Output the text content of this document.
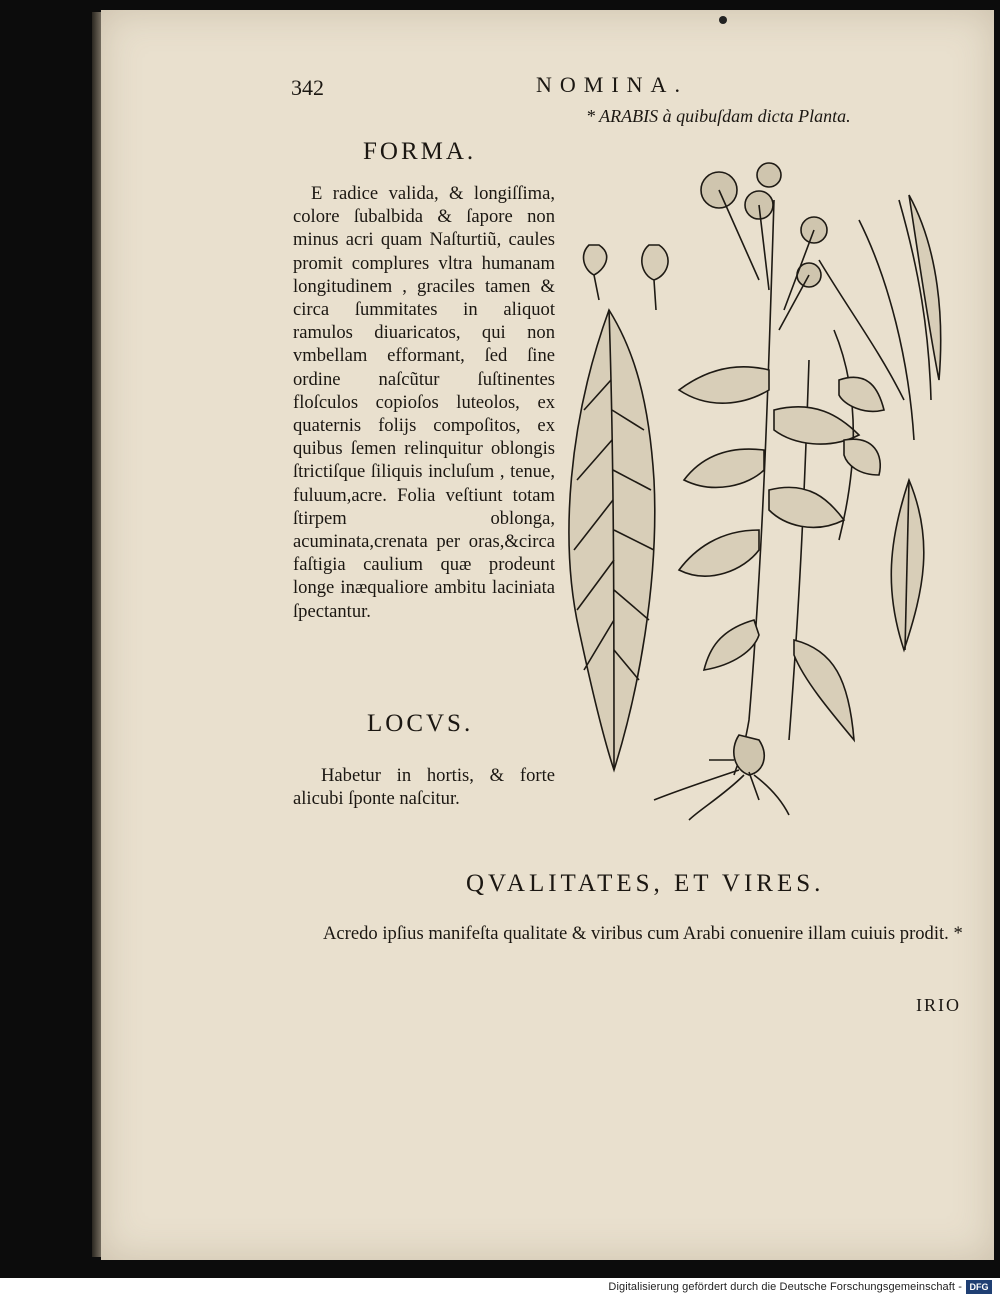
342	NOMINA.
* ARABIS à quibuſdam dicta Planta.
FORMA.
E radice valida, & longiſſima, colore ſubalbida & ſapore non minus acri quam Naſturtiũ, caules promit complures vltra humanam longitudinem , graciles tamen & circa ſummitates in aliquot ramulos diuaricatos, qui non vmbellam efformant, ſed ſine ordine naſcũtur ſuſtinentes floſculos copioſos luteolos, ex quaternis folijs compoſitos, ex quibus ſemen relinquitur oblongis ſtrictiſque ſiliquis incluſum , tenue, fuluum,acre. Folia veſtiunt totam ſtirpem oblonga, acuminata,crenata per oras,&circa faſtigia caulium quæ prodeunt longe inæqualiore ambitu laciniata ſpectantur.
LOCVS.
Habetur in hortis, & forte alicubi ſponte naſcitur.
QVALITATES, ET VIRES.
Acredo ipſius manifeſta qualitate & viribus cum Arabi conuenire illam cuiuis prodit. *
IRIO
Digitalisierung gefördert durch die Deutsche Forschungsgemeinschaft - DFG
